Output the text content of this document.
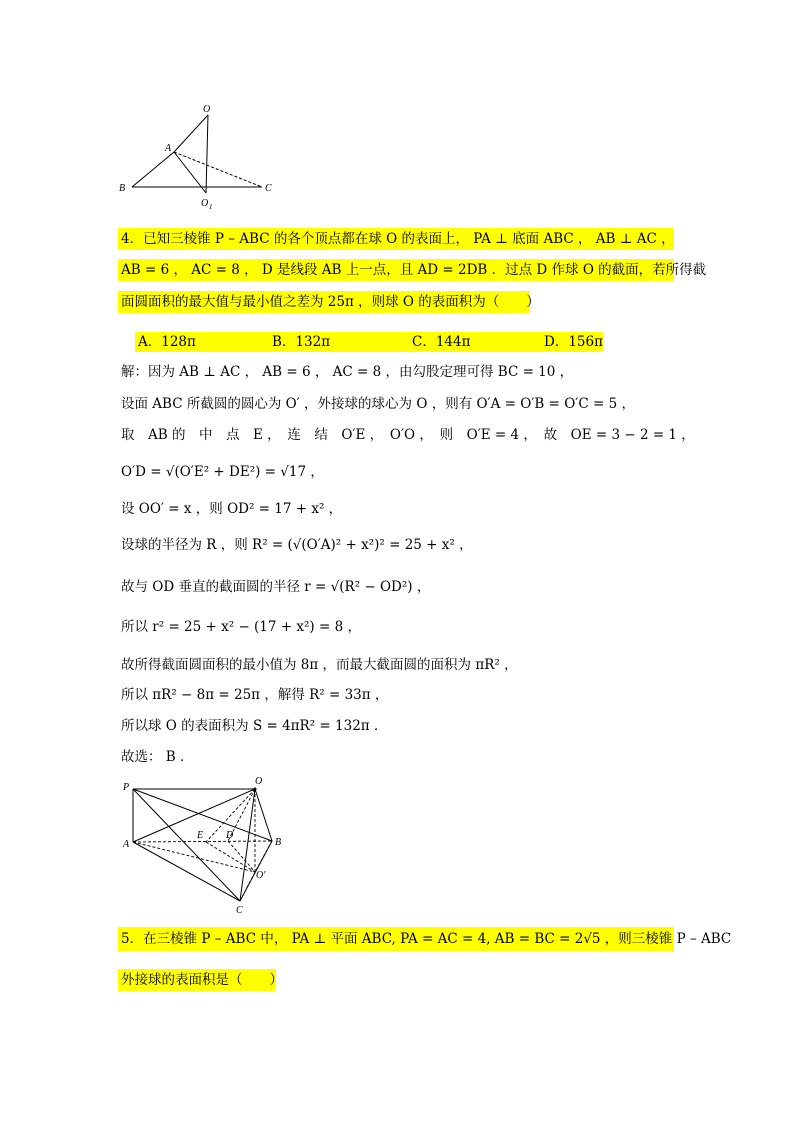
O
A
B	C
O 1
4．已知三棱锥 P – ABC 的各个顶点都在球 O 的表面上， PA ⊥ 底面 ABC ， AB ⊥ AC ，
AB = 6 ， AC = 8 ， D 是线段 AB 上一点，且 AD = 2DB ．过点 D 作球 O 的截面，若所得截
面圆面积的最大值与最小值之差为 25π ，则球 O 的表面积为（　　）
A．128π	B．132π	C．144π	D．156π
解：因为 AB ⊥ AC ， AB = 6 ， AC = 8 ，由勾股定理可得 BC = 10 ，
设面 ABC 所截圆的圆心为 O′ ，外接球的球心为 O ，则有 O′A = O′B = O′C = 5 ，
取　AB 的　中　点　E ，　连　结　O′E ，　O′O ，　则　O′E = 4 ，　故　OE = 3 − 2 = 1 ，
O′D = √(O′E² + DE²) = √17 ，
设 OO′ = x ，则 OD² = 17 + x² ，
设球的半径为 R ，则 R² = (√(O′A)² + x²)² = 25 + x² ，
故与 OD 垂直的截面圆的半径 r = √(R² − OD²) ，
所以 r² = 25 + x² − (17 + x²) = 8 ，
故所得截面圆面积的最小值为 8π ，而最大截面圆的面积为 πR² ，
所以 πR² − 8π = 25π ，解得 R² = 33π ，
所以球 O 的表面积为 S = 4πR² = 132π ．
故选： B ．
P
O
A	B
E D
O′
C
5．在三棱锥 P – ABC 中， PA ⊥ 平面 ABC, PA = AC = 4, AB = BC = 2√5 ，则三棱锥 P – ABC
外接球的表面积是（　　）
